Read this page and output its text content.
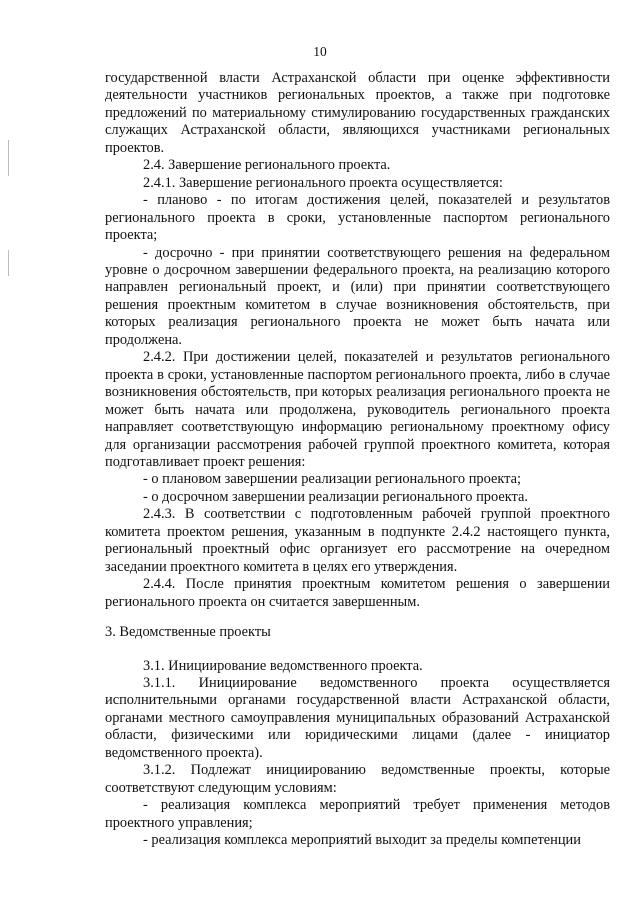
10

государственной власти Астраханской области при оценке эффективности деятельности участников региональных проектов, а также при подготовке предложений по материальному стимулированию государственных гражданских служащих Астраханской области, являющихся участниками региональных проектов.

2.4. Завершение регионального проекта.

2.4.1. Завершение регионального проекта осуществляется:

- планово - по итогам достижения целей, показателей и результатов регионального проекта в сроки, установленные паспортом регионального проекта;

- досрочно - при принятии соответствующего решения на федеральном уровне о досрочном завершении федерального проекта, на реализацию которого направлен региональный проект, и (или) при принятии соответствующего решения проектным комитетом в случае возникновения обстоятельств, при которых реализация регионального проекта не может быть начата или продолжена.

2.4.2. При достижении целей, показателей и результатов регионального проекта в сроки, установленные паспортом регионального проекта, либо в случае возникновения обстоятельств, при которых реализация регионального проекта не может быть начата или продолжена, руководитель регионального проекта направляет соответствующую информацию региональному проектному офису для организации рассмотрения рабочей группой проектного комитета, которая подготавливает проект решения:

- о плановом завершении реализации регионального проекта;

- о досрочном завершении реализации регионального проекта.

2.4.3. В соответствии с подготовленным рабочей группой проектного комитета проектом решения, указанным в подпункте 2.4.2 настоящего пункта, региональный проектный офис организует его рассмотрение на очередном заседании проектного комитета в целях его утверждения.

2.4.4. После принятия проектным комитетом решения о завершении регионального проекта он считается завершенным.

3. Ведомственные проекты

3.1. Инициирование ведомственного проекта.

3.1.1. Инициирование ведомственного проекта осуществляется исполнительными органами государственной власти Астраханской области, органами местного самоуправления муниципальных образований Астраханской области, физическими или юридическими лицами (далее - инициатор ведомственного проекта).

3.1.2. Подлежат инициированию ведомственные проекты, которые соответствуют следующим условиям:

- реализация комплекса мероприятий требует применения методов проектного управления;

- реализация комплекса мероприятий выходит за пределы компетенции
